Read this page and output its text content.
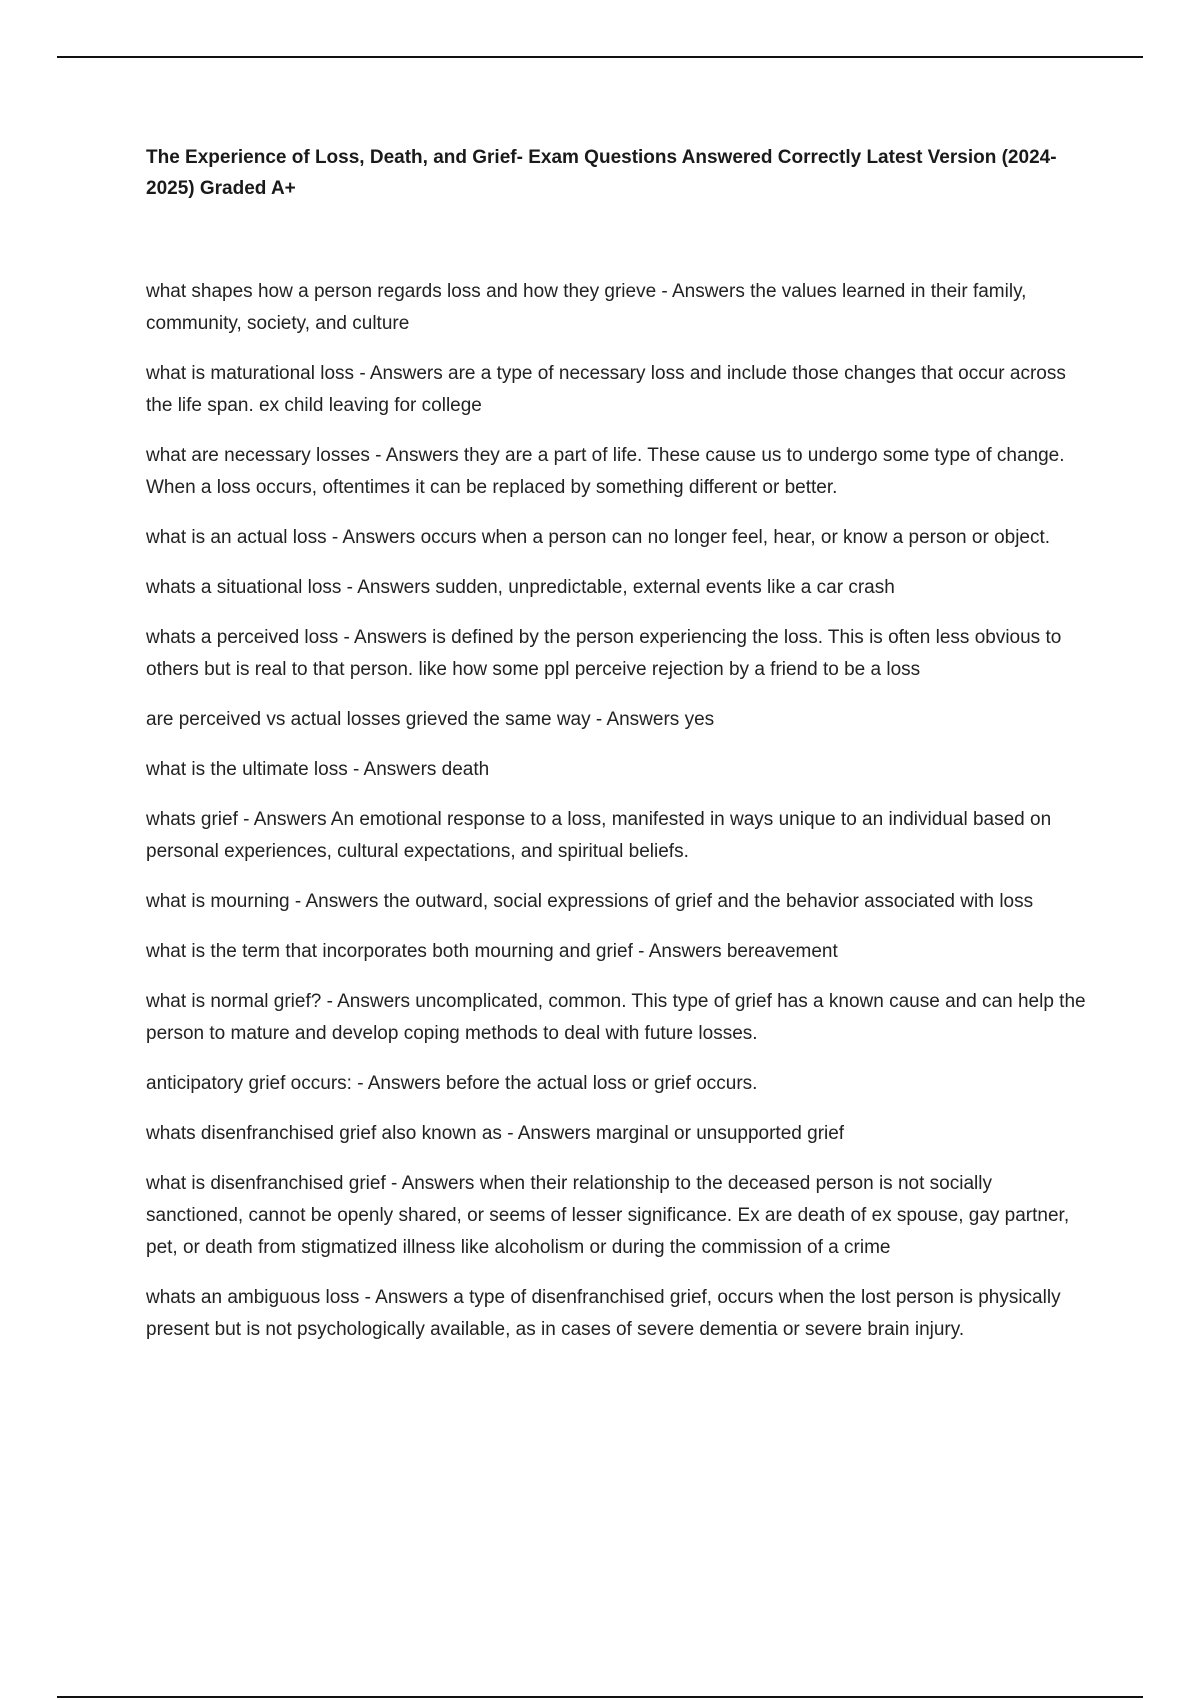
The Experience of Loss, Death, and Grief- Exam Questions Answered Correctly Latest Version (2024-2025) Graded A+
what shapes how a person regards loss and how they grieve - Answers the values learned in their family, community, society, and culture
what is maturational loss - Answers are a type of necessary loss and include those changes that occur across the life span. ex child leaving for college
what are necessary losses - Answers they are a part of life. These cause us to undergo some type of change. When a loss occurs, oftentimes it can be replaced by something different or better.
what is an actual loss - Answers occurs when a person can no longer feel, hear, or know a person or object.
whats a situational loss - Answers sudden, unpredictable, external events like a car crash
whats a perceived loss - Answers is defined by the person experiencing the loss. This is often less obvious to others but is real to that person. like how some ppl perceive rejection by a friend to be a loss
are perceived vs actual losses grieved the same way - Answers yes
what is the ultimate loss - Answers death
whats grief - Answers An emotional response to a loss, manifested in ways unique to an individual based on personal experiences, cultural expectations, and spiritual beliefs.
what is mourning - Answers the outward, social expressions of grief and the behavior associated with loss
what is the term that incorporates both mourning and grief - Answers bereavement
what is normal grief? - Answers uncomplicated, common. This type of grief has a known cause and can help the person to mature and develop coping methods to deal with future losses.
anticipatory grief occurs: - Answers before the actual loss or grief occurs.
whats disenfranchised grief also known as - Answers marginal or unsupported grief
what is disenfranchised grief - Answers when their relationship to the deceased person is not socially sanctioned, cannot be openly shared, or seems of lesser significance. Ex are death of ex spouse, gay partner, pet, or death from stigmatized illness like alcoholism or during the commission of a crime
whats an ambiguous loss - Answers a type of disenfranchised grief, occurs when the lost person is physically present but is not psychologically available, as in cases of severe dementia or severe brain injury.
